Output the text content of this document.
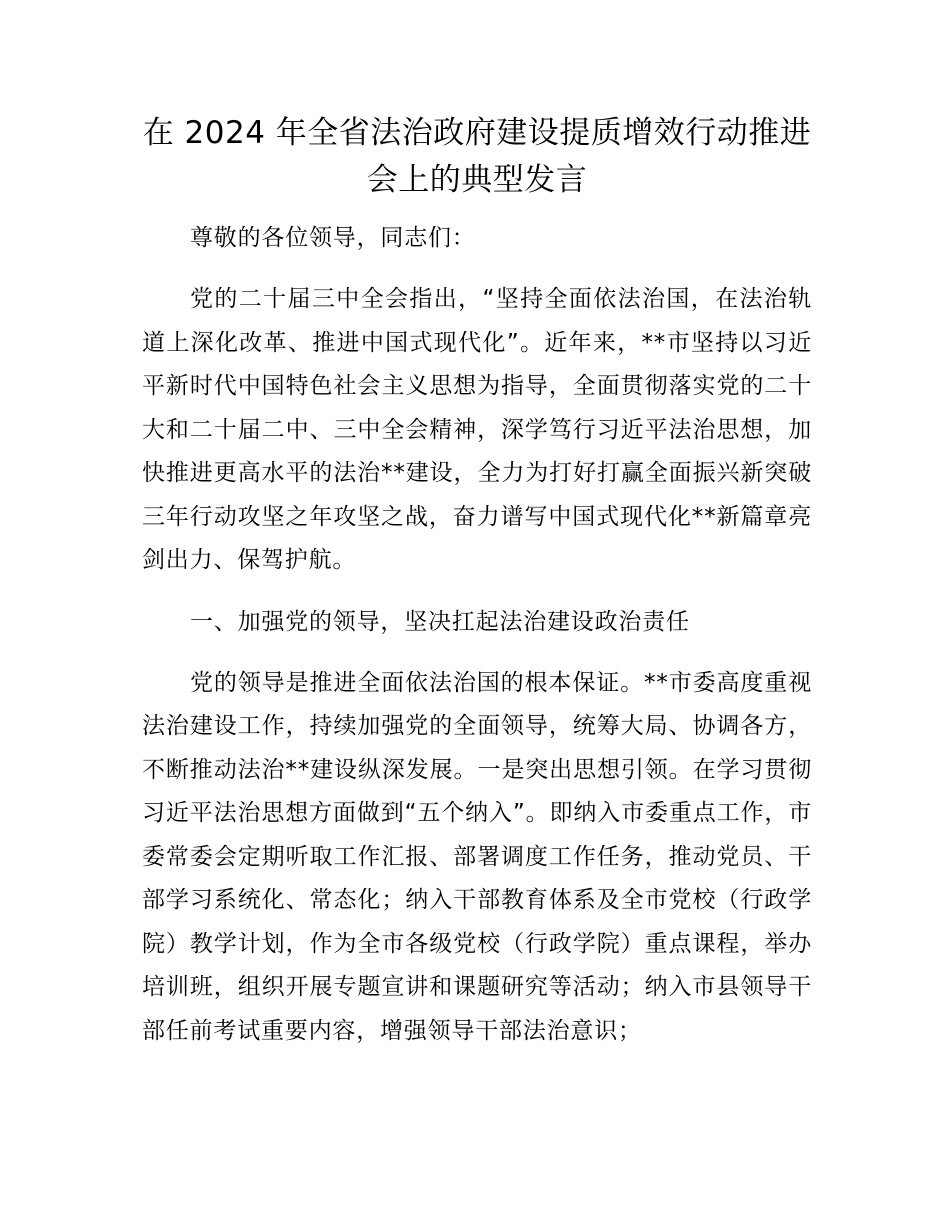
在 2024 年全省法治政府建设提质增效行动推进会上的典型发言

尊敬的各位领导，同志们：

党的二十届三中全会指出，“坚持全面依法治国，在法治轨道上深化改革、推进中国式现代化”。近年来，**市坚持以习近平新时代中国特色社会主义思想为指导，全面贯彻落实党的二十大和二十届二中、三中全会精神，深学笃行习近平法治思想，加快推进更高水平的法治**建设，全力为打好打赢全面振兴新突破三年行动攻坚之年攻坚之战，奋力谱写中国式现代化**新篇章亮剑出力、保驾护航。

一、加强党的领导，坚决扛起法治建设政治责任

党的领导是推进全面依法治国的根本保证。**市委高度重视法治建设工作，持续加强党的全面领导，统筹大局、协调各方，不断推动法治**建设纵深发展。一是突出思想引领。在学习贯彻习近平法治思想方面做到“五个纳入”。即纳入市委重点工作，市委常委会定期听取工作汇报、部署调度工作任务，推动党员、干部学习系统化、常态化；纳入干部教育体系及全市党校（行政学院）教学计划，作为全市各级党校（行政学院）重点课程，举办培训班，组织开展专题宣讲和课题研究等活动；纳入市县领导干部任前考试重要内容，增强领导干部法治意识；
